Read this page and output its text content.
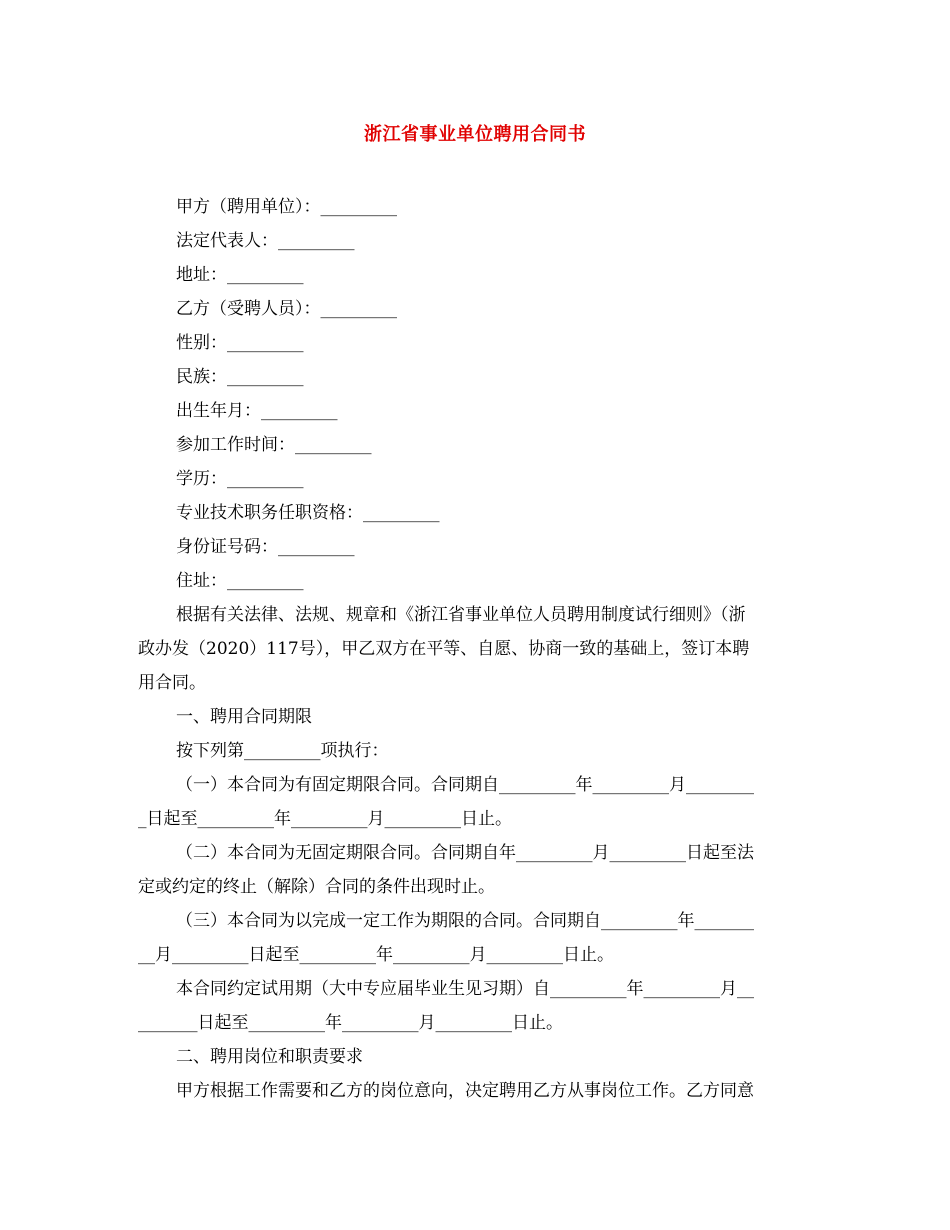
浙江省事业单位聘用合同书
甲方（聘用单位）：_________
法定代表人：_________
地址：_________
乙方（受聘人员）：_________
性别：_________
民族：_________
出生年月：_________
参加工作时间：_________
学历：_________
专业技术职务任职资格：_________
身份证号码：_________
住址：_________
根据有关法律、法规、规章和《浙江省事业单位人员聘用制度试行细则》（浙
政办发（2020）117号），甲乙双方在平等、自愿、协商一致的基础上，签订本聘
用合同。
一、聘用合同期限
按下列第_________项执行：
（一）本合同为有固定期限合同。合同期自_________年_________月________
_日起至_________年_________月_________日止。
（二）本合同为无固定期限合同。合同期自年_________月_________日起至法
定或约定的终止（解除）合同的条件出现时止。
（三）本合同为以完成一定工作为期限的合同。合同期自_________年_______
__月_________日起至_________年_________月_________日止。
本合同约定试用期（大中专应届毕业生见习期）自_________年_________月__
_______日起至_________年_________月_________日止。
二、聘用岗位和职责要求
甲方根据工作需要和乙方的岗位意向，决定聘用乙方从事岗位工作。乙方同意
